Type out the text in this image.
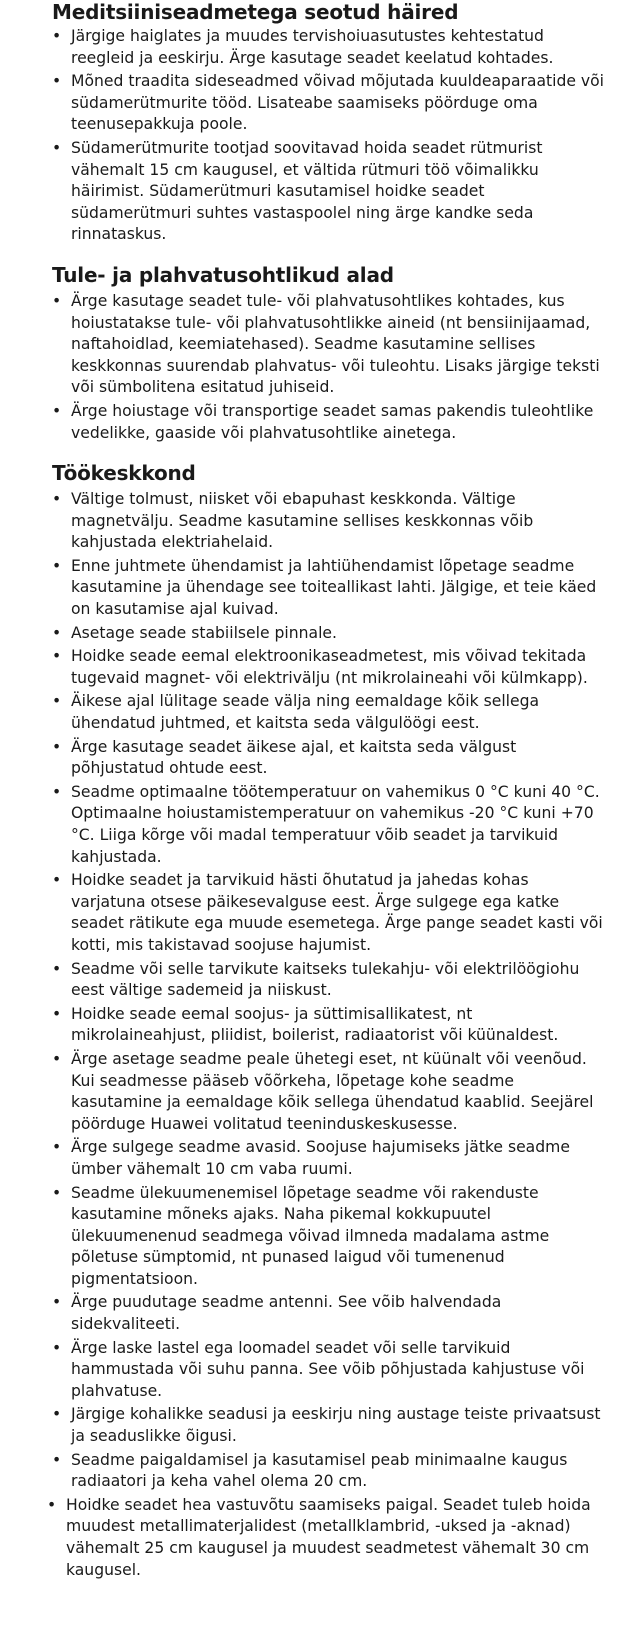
Meditsiiniseadmetega seotud häired
• Järgige haiglates ja muudes tervishoiuasutustes kehtestatud reegleid ja eeskirju. Ärge kasutage seadet keelatud kohtades.
• Mõned traadita sideseadmed võivad mõjutada kuuldeaparaatide või südamerütmurite tööd. Lisateabe saamiseks pöörduge oma teenusepakkuja poole.
• Südamerütmurite tootjad soovitavad hoida seadet rütmurist vähemalt 15 cm kaugusel, et vältida rütmuri töö võimalikku häirimist. Südamerütmuri kasutamisel hoidke seadet südamerütmuri suhtes vastaspoolel ning ärge kandke seda rinnataskus.
Tule- ja plahvatusohtlikud alad
• Ärge kasutage seadet tule- või plahvatusohtlikes kohtades, kus hoiustatakse tule- või plahvatusohtlikke aineid (nt bensiinijaamad, naftahoidlad, keemiatehased). Seadme kasutamine sellises keskkonnas suurendab plahvatus- või tuleohtu. Lisaks järgige teksti või sümbolitena esitatud juhiseid.
• Ärge hoiustage või transportige seadet samas pakendis tuleohtlike vedelikke, gaaside või plahvatusohtlike ainetega.
Töökeskkond
• Vältige tolmust, niisket või ebapuhast keskkonda. Vältige magnetvälju. Seadme kasutamine sellises keskkonnas võib kahjustada elektriahelaid.
• Enne juhtmete ühendamist ja lahtiühendamist lõpetage seadme kasutamine ja ühendage see toiteallikast lahti. Jälgige, et teie käed on kasutamise ajal kuivad.
• Asetage seade stabiilsele pinnale.
• Hoidke seade eemal elektroonikaseadmetest, mis võivad tekitada tugevaid magnet- või elektrivälju (nt mikrolaineahi või külmkapp).
• Äikese ajal lülitage seade välja ning eemaldage kõik sellega ühendatud juhtmed, et kaitsta seda välgulöögi eest.
• Ärge kasutage seadet äikese ajal, et kaitsta seda välgust põhjustatud ohtude eest.
• Seadme optimaalne töötemperatuur on vahemikus 0 °C kuni 40 °C. Optimaalne hoiustamistemperatuur on vahemikus -20 °C kuni +70 °C. Liiga kõrge või madal temperatuur võib seadet ja tarvikuid kahjustada.
• Hoidke seadet ja tarvikuid hästi õhutatud ja jahedas kohas varjatuna otsese päikesevalguse eest. Ärge sulgege ega katke seadet rätikute ega muude esemetega. Ärge pange seadet kasti või kotti, mis takistavad soojuse hajumist.
• Seadme või selle tarvikute kaitseks tulekahju- või elektrilöögiohu eest vältige sademeid ja niiskust.
• Hoidke seade eemal soojus- ja süttimisallikatest, nt mikrolaineahjust, pliidist, boilerist, radiaatorist või küünaldest.
• Ärge asetage seadme peale ühetegi eset, nt küünalt või veenõud. Kui seadmesse pääseb võõrkeha, lõpetage kohe seadme kasutamine ja eemaldage kõik sellega ühendatud kaablid. Seejärel pöörduge Huawei volitatud teeninduskeskusesse.
• Ärge sulgege seadme avasid. Soojuse hajumiseks jätke seadme ümber vähemalt 10 cm vaba ruumi.
• Seadme ülekuumenemisel lõpetage seadme või rakenduste kasutamine mõneks ajaks. Naha pikemal kokkupuutel ülekuumenenud seadmega võivad ilmneda madalama astme põletuse sümptomid, nt punased laigud või tumenenud pigmentatsioon.
• Ärge puudutage seadme antenni. See võib halvendada sidekvaliteeti.
• Ärge laske lastel ega loomadel seadet või selle tarvikuid hammustada või suhu panna. See võib põhjustada kahjustuse või plahvatuse.
• Järgige kohalikke seadusi ja eeskirju ning austage teiste privaatsust ja seaduslikke õigusi.
• Seadme paigaldamisel ja kasutamisel peab minimaalne kaugus radiaatori ja keha vahel olema 20 cm.
• Hoidke seadet hea vastuvõtu saamiseks paigal. Seadet tuleb hoida muudest metallimaterjalidest (metallklambrid, -uksed ja -aknad) vähemalt 25 cm kaugusel ja muudest seadmetest vähemalt 30 cm kaugusel.
